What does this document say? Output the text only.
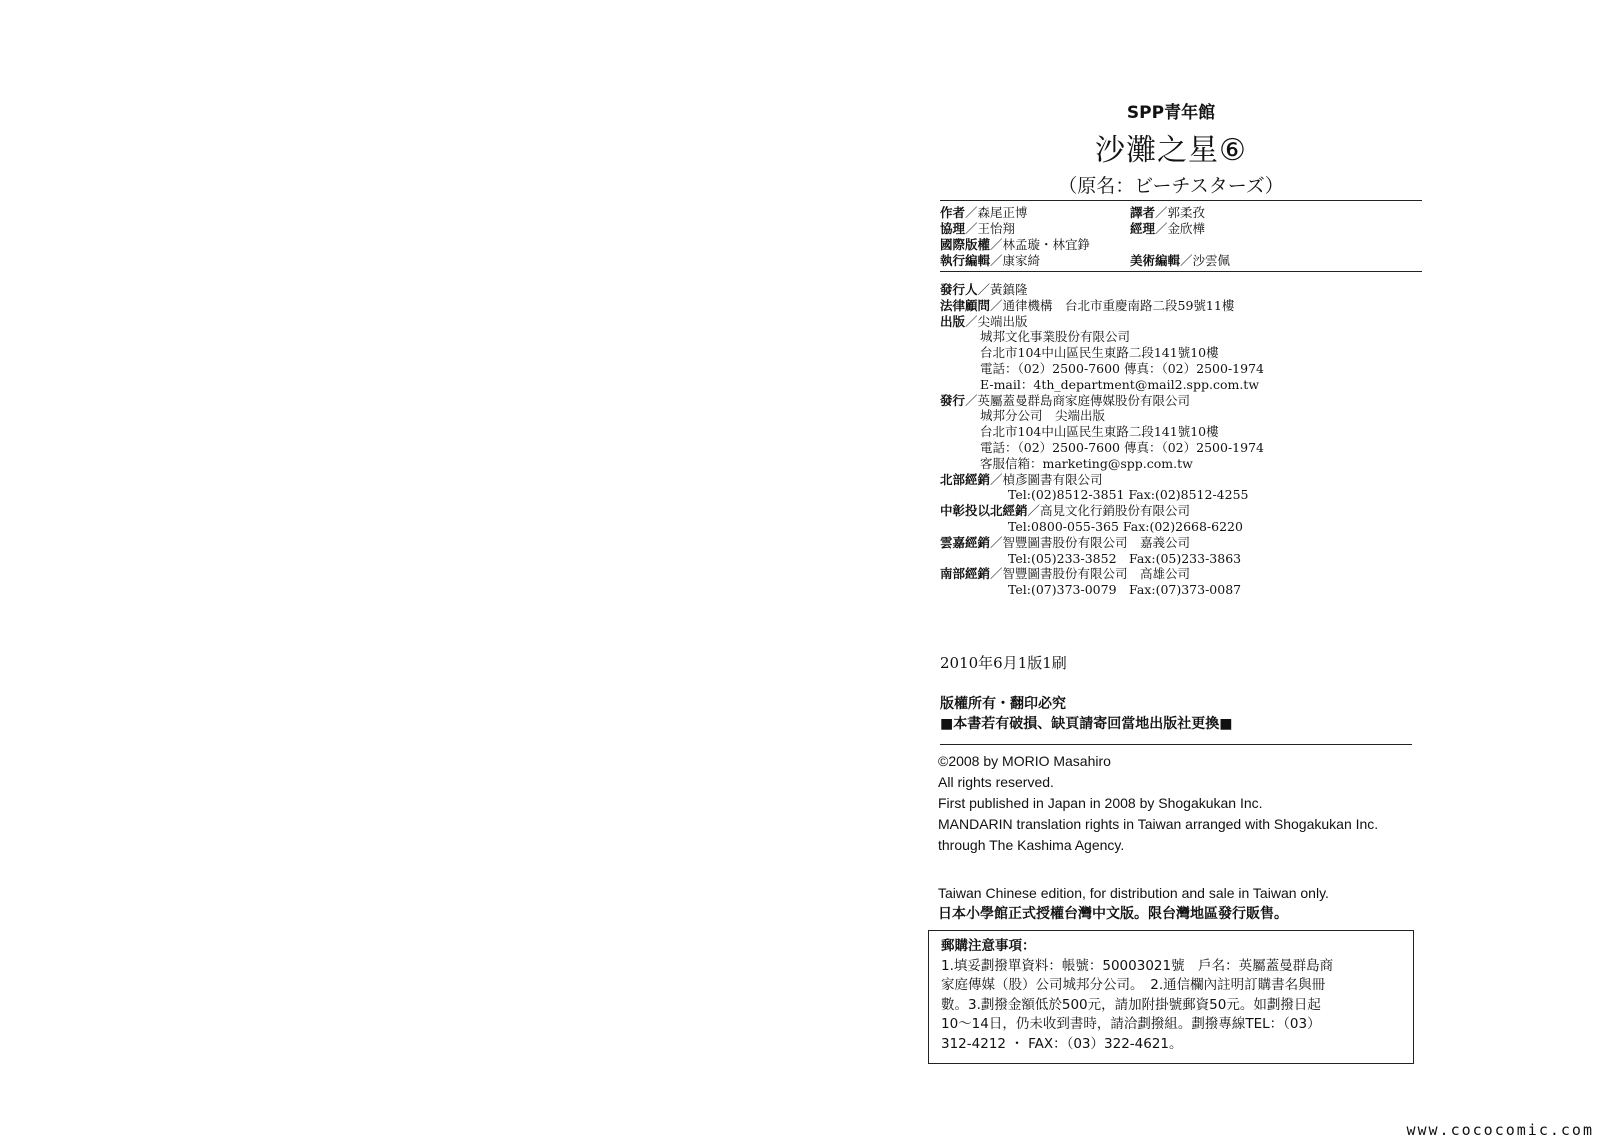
SPP青年館
沙灘之星⑥
（原名：ビーチスターズ）
作者／森尾正博	譯者／郭柔孜
協理／王怡翔	經理／金欣樺
國際版權／林孟璇・林宜錚
執行編輯／康家綺	美術編輯／沙雲佩
發行人／黃鎮隆
法律顧問／通律機構　台北市重慶南路二段59號11樓
出版／尖端出版
城邦文化事業股份有限公司
台北市104中山區民生東路二段141號10樓
電話：（02）2500-7600 傳真：（02）2500-1974
E-mail：4th_department@mail2.spp.com.tw
發行／英屬蓋曼群島商家庭傳媒股份有限公司
城邦分公司　尖端出版
台北市104中山區民生東路二段141號10樓
電話：（02）2500-7600 傳真：（02）2500-1974
客服信箱：marketing@spp.com.tw
北部經銷／楨彥圖書有限公司
Tel:(02)8512-3851 Fax:(02)8512-4255
中彰投以北經銷／高見文化行銷股份有限公司
Tel:0800-055-365 Fax:(02)2668-6220
雲嘉經銷／智豐圖書股份有限公司　嘉義公司
Tel:(05)233-3852　Fax:(05)233-3863
南部經銷／智豐圖書股份有限公司　高雄公司
Tel:(07)373-0079　Fax:(07)373-0087
2010年6月1版1刷
版權所有・翻印必究
■本書若有破損、缺頁請寄回當地出版社更換■
©2008 by MORIO Masahiro
All rights reserved.
First published in Japan in 2008 by Shogakukan Inc.
MANDARIN translation rights in Taiwan arranged with Shogakukan Inc.
through The Kashima Agency.
Taiwan Chinese edition, for distribution and sale in Taiwan only.
日本小學館正式授權台灣中文版。限台灣地區發行販售。
郵購注意事項：
1.填妥劃撥單資料：帳號：50003021號　戶名：英屬蓋曼群島商
家庭傳媒（股）公司城邦分公司。　2.通信欄內註明訂購書名與冊
數。3.劃撥金額低於500元，請加附掛號郵資50元。如劃撥日起
10～14日，仍未收到書時，請洽劃撥組。劃撥專線TEL：（03）
312-4212 ・ FAX：（03）322-4621。
www.cococomic.com
